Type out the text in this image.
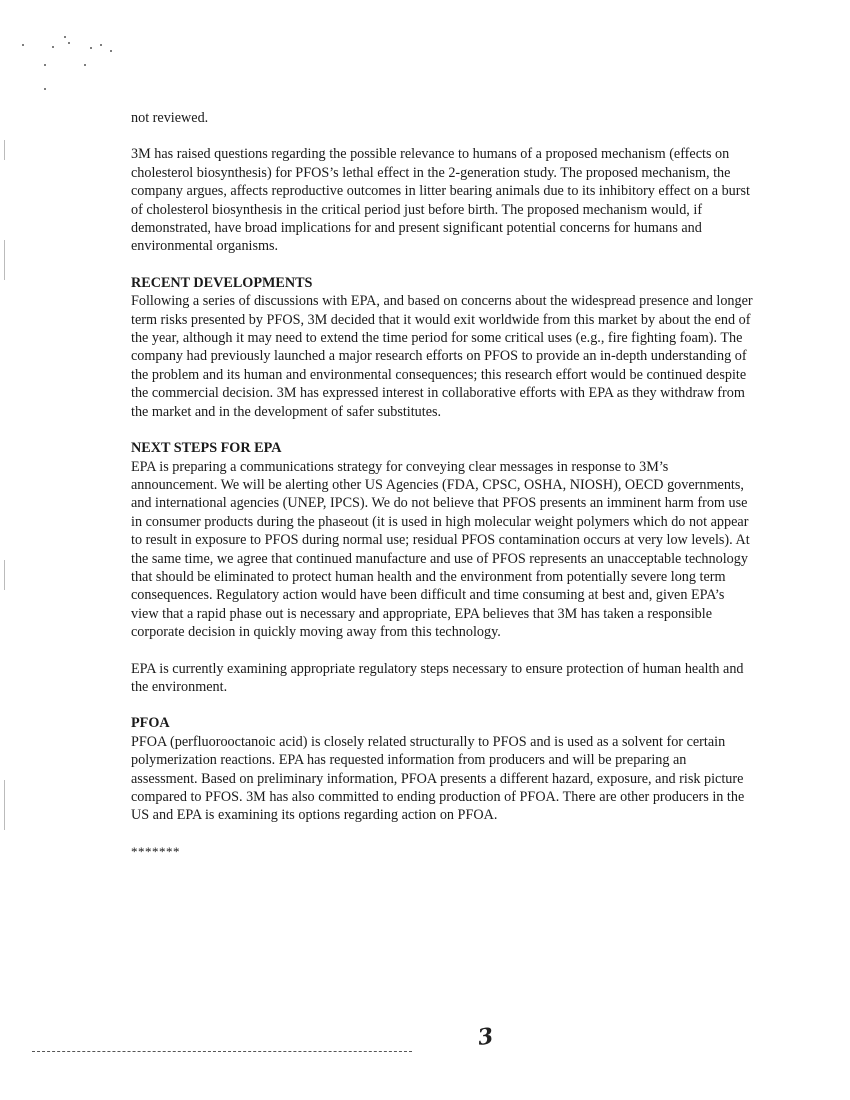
not reviewed.

3M has raised questions regarding the possible relevance to humans of a proposed mechanism (effects on cholesterol biosynthesis) for PFOS’s lethal effect in the 2-generation study. The proposed mechanism, the company argues, affects reproductive outcomes in litter bearing animals due to its inhibitory effect on a burst of cholesterol biosynthesis in the critical period just before birth. The proposed mechanism would, if demonstrated, have broad implications for and present significant potential concerns for humans and environmental organisms.

RECENT DEVELOPMENTS

Following a series of discussions with EPA, and based on concerns about the widespread presence and longer term risks presented by PFOS, 3M decided that it would exit worldwide from this market by about the end of the year, although it may need to extend the time period for some critical uses (e.g., fire fighting foam). The company had previously launched a major research efforts on PFOS to provide an in-depth understanding of the problem and its human and environmental consequences; this research effort would be continued despite the commercial decision. 3M has expressed interest in collaborative efforts with EPA as they withdraw from the market and in the development of safer substitutes.

NEXT STEPS FOR EPA

EPA is preparing a communications strategy for conveying clear messages in response to 3M’s announcement. We will be alerting other US Agencies (FDA, CPSC, OSHA, NIOSH), OECD governments, and international agencies (UNEP, IPCS). We do not believe that PFOS presents an imminent harm from use in consumer products during the phaseout (it is used in high molecular weight polymers which do not appear to result in exposure to PFOS during normal use; residual PFOS contamination occurs at very low levels). At the same time, we agree that continued manufacture and use of PFOS represents an unacceptable technology that should be eliminated to protect human health and the environment from potentially severe long term consequences. Regulatory action would have been difficult and time consuming at best and, given EPA’s view that a rapid phase out is necessary and appropriate, EPA believes that 3M has taken a responsible corporate decision in quickly moving away from this technology.

EPA is currently examining appropriate regulatory steps necessary to ensure protection of human health and the environment.

PFOA

PFOA (perfluorooctanoic acid) is closely related structurally to PFOS and is used as a solvent for certain polymerization reactions. EPA has requested information from producers and will be preparing an assessment. Based on preliminary information, PFOA presents a different hazard, exposure, and risk picture compared to PFOS. 3M has also committed to ending production of PFOA. There are other producers in the US and EPA is examining its options regarding action on PFOA.

*******
3
